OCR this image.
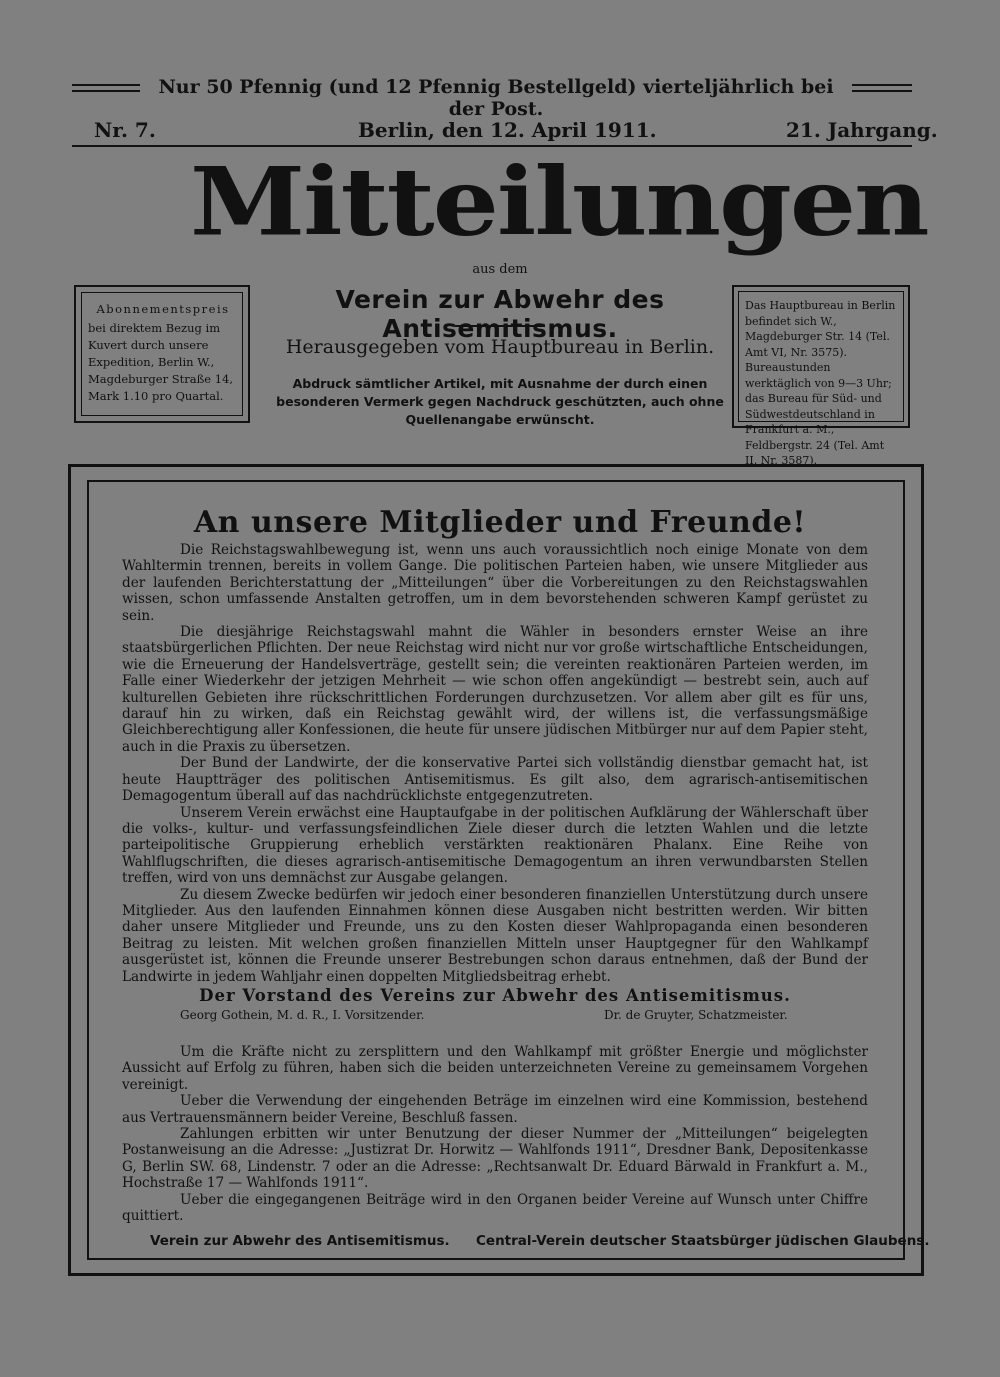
Nur 50 Pfennig (und 12 Pfennig Bestellgeld) vierteljährlich bei der Post.
Nr. 7.	Berlin, den 12. April 1911.	21. Jahrgang.
Mitteilungen
aus dem
Verein zur Abwehr des Antisemitismus.
Herausgegeben vom Hauptbureau in Berlin.
Abdruck sämtlicher Artikel, mit Ausnahme der durch einen besonderen Vermerk gegen Nachdruck geschützten, auch ohne Quellenangabe erwünscht.
Abonnementspreis
bei direktem Bezug im Kuvert durch unsere Expedition, Berlin W., Magdeburger Straße 14, Mark 1.10 pro Quartal.
Das Hauptbureau in Berlin befindet sich W., Magdeburger Str. 14 (Tel. Amt VI, Nr. 3575). Bureaustunden werktäglich von 9—3 Uhr; das Bureau für Süd- und Südwestdeutschland in Frankfurt a. M., Feldbergstr. 24 (Tel. Amt II, Nr. 3587).
An unsere Mitglieder und Freunde!

Die Reichstagswahlbewegung ist, wenn uns auch voraussichtlich noch einige Monate von dem Wahltermin trennen, bereits in vollem Gange. Die politischen Parteien haben, wie unsere Mitglieder aus der laufenden Berichterstattung der „Mitteilungen“ über die Vorbereitungen zu den Reichstagswahlen wissen, schon umfassende Anstalten getroffen, um in dem bevorstehenden schweren Kampf gerüstet zu sein.

Die diesjährige Reichstagswahl mahnt die Wähler in besonders ernster Weise an ihre staatsbürgerlichen Pflichten. Der neue Reichstag wird nicht nur vor große wirtschaftliche Entscheidungen, wie die Erneuerung der Handelsverträge, gestellt sein; die vereinten reaktionären Parteien werden, im Falle einer Wiederkehr der jetzigen Mehrheit — wie schon offen angekündigt — bestrebt sein, auch auf kulturellen Gebieten ihre rückschrittlichen Forderungen durchzusetzen. Vor allem aber gilt es für uns, darauf hin zu wirken, daß ein Reichstag gewählt wird, der willens ist, die verfassungsmäßige Gleichberechtigung aller Konfessionen, die heute für unsere jüdischen Mitbürger nur auf dem Papier steht, auch in die Praxis zu übersetzen.

Der Bund der Landwirte, der die konservative Partei sich vollständig dienstbar gemacht hat, ist heute Hauptträger des politischen Antisemitismus. Es gilt also, dem agrarisch-antisemitischen Demagogentum überall auf das nachdrücklichste entgegenzutreten.

Unserem Verein erwächst eine Hauptaufgabe in der politischen Aufklärung der Wählerschaft über die volks-, kultur- und verfassungsfeindlichen Ziele dieser durch die letzten Wahlen und die letzte parteipolitische Gruppierung erheblich verstärkten reaktionären Phalanx. Eine Reihe von Wahlflugschriften, die dieses agrarisch-antisemitische Demagogentum an ihren verwundbarsten Stellen treffen, wird von uns demnächst zur Ausgabe gelangen.

Zu diesem Zwecke bedürfen wir jedoch einer besonderen finanziellen Unterstützung durch unsere Mitglieder. Aus den laufenden Einnahmen können diese Ausgaben nicht bestritten werden. Wir bitten daher unsere Mitglieder und Freunde, uns zu den Kosten dieser Wahlpropaganda einen besonderen Beitrag zu leisten. Mit welchen großen finanziellen Mitteln unser Hauptgegner für den Wahlkampf ausgerüstet ist, können die Freunde unserer Bestrebungen schon daraus entnehmen, daß der Bund der Landwirte in jedem Wahljahr einen doppelten Mitgliedsbeitrag erhebt.

Der Vorstand des Vereins zur Abwehr des Antisemitismus.
Georg Gothein, M. d. R., I. Vorsitzender.	Dr. de Gruyter, Schatzmeister.

Um die Kräfte nicht zu zersplittern und den Wahlkampf mit größter Energie und möglichster Aussicht auf Erfolg zu führen, haben sich die beiden unterzeichneten Vereine zu gemeinsamem Vorgehen vereinigt.

Ueber die Verwendung der eingehenden Beträge im einzelnen wird eine Kommission, bestehend aus Vertrauensmännern beider Vereine, Beschluß fassen.

Zahlungen erbitten wir unter Benutzung der dieser Nummer der „Mitteilungen“ beigelegten Postanweisung an die Adresse: „Justizrat Dr. Horwitz — Wahlfonds 1911“, Dresdner Bank, Depositenkasse G, Berlin SW. 68, Lindenstr. 7 oder an die Adresse: „Rechtsanwalt Dr. Eduard Bärwald in Frankfurt a. M., Hochstraße 17 — Wahlfonds 1911“.

Ueber die eingegangenen Beiträge wird in den Organen beider Vereine auf Wunsch unter Chiffre quittiert.

Verein zur Abwehr des Antisemitismus. Central-Verein deutscher Staatsbürger jüdischen Glaubens.
